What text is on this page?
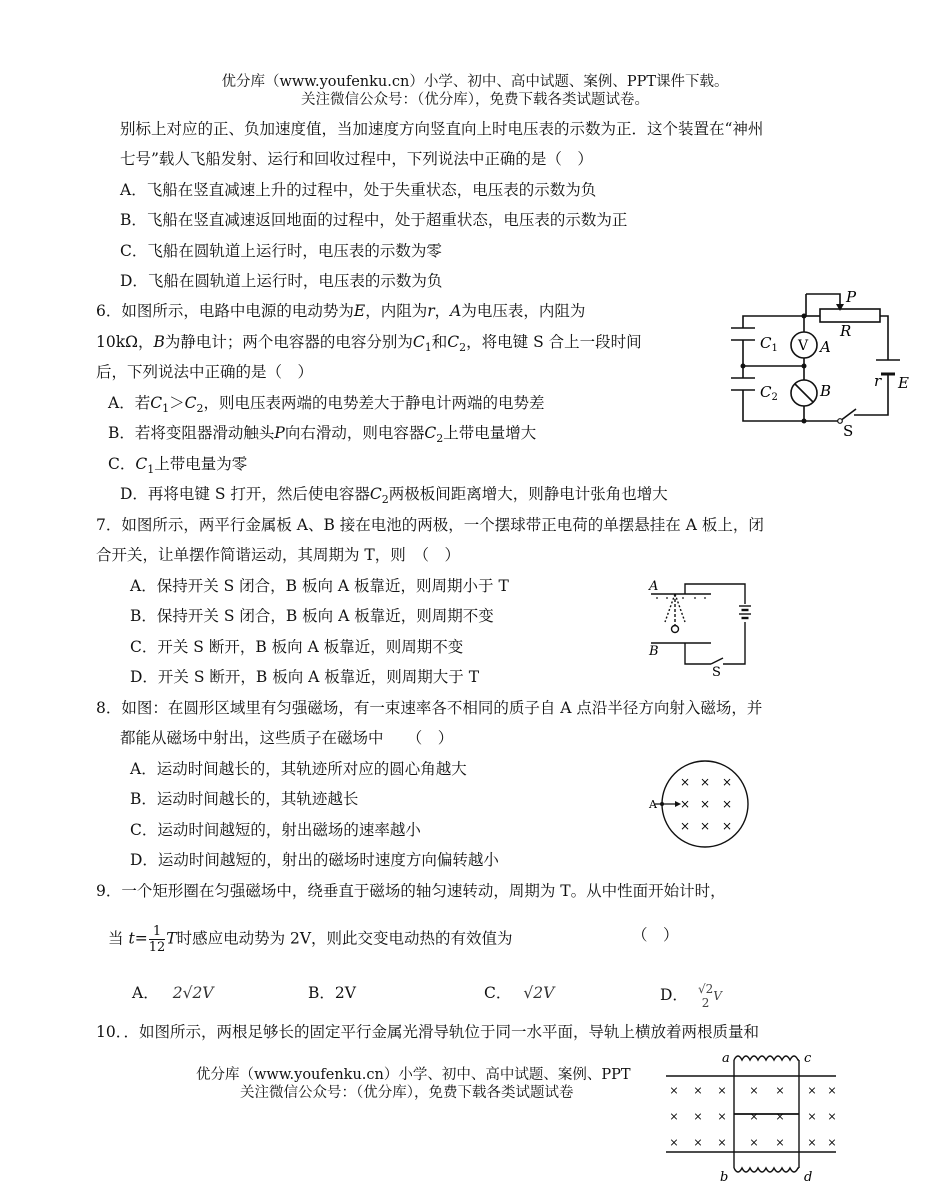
优分库（www.youfenku.cn）小学、初中、高中试题、案例、PPT课件下载。
关注微信公众号：（优分库），免费下载各类试题试卷。
别标上对应的正、负加速度值，当加速度方向竖直向上时电压表的示数为正．这个装置在“神州
七号”载人飞船发射、运行和回收过程中，下列说法中正确的是（　）
A．飞船在竖直减速上升的过程中，处于失重状态，电压表的示数为负
B．飞船在竖直减速返回地面的过程中，处于超重状态，电压表的示数为正
C．飞船在圆轨道上运行时，电压表的示数为零
D．飞船在圆轨道上运行时，电压表的示数为负
6．如图所示，电路中电源的电动势为E，内阻为r，A为电压表，内阻为
10kΩ，B为静电计；两个电容器的电容分别为$C_1$和$C_2$，将电键 S 合上一段时间
后，下列说法中正确的是（　）
A．若$C_1>C_2$，则电压表两端的电势差大于静电计两端的电势差
B．若将变阻器滑动触头P向右滑动，则电容器$C_2$上带电量增大
C．$C_1$上带电量为零
D．再将电键 S 打开，然后使电容器$C_2$两极板间距离增大，则静电计张角也增大
P
R
$C_1$
$C_2$
V A
B
r E
S
7．如图所示，两平行金属板 A、B 接在电池的两极，一个摆球带正电荷的单摆悬挂在 A 板上，闭
合开关，让单摆作简谐运动，其周期为 T，则　（　）
A．保持开关 S 闭合，B 板向 A 板靠近，则周期小于 T
B．保持开关 S 闭合，B 板向 A 板靠近，则周期不变
C．开关 S 断开，B 板向 A 板靠近，则周期不变
D．开关 S 断开，B 板向 A 板靠近，则周期大于 T
A
B
S
8．如图：在圆形区域里有匀强磁场，有一束速率各不相同的质子自 A 点沿半径方向射入磁场，并
都能从磁场中射出，这些质子在磁场中　　（　）
A．运动时间越长的，其轨迹所对应的圆心角越大
B．运动时间越长的，其轨迹越长
C．运动时间越短的，射出磁场的速率越小
D．运动时间越短的，射出的磁场时速度方向偏转越小
A
× × ×
× × ×
× × ×
9．一个矩形圈在匀强磁场中，绕垂直于磁场的轴匀速转动，周期为 T。从中性面开始计时，
当 $t= \frac{1}{12}$ T时感应电动势为 2V，则此交变电动热的有效值为	（　）
A． 2√2V	B．2V	C． √2V	D． √2
2 V
10．．如图所示，两根足够长的固定平行金属光滑导轨位于同一水平面，导轨上横放着两根质量和
优分库（www.youfenku.cn）小学、初中、高中试题、案例、PPT
关注微信公众号：（优分库），免费下载各类试题试卷
a	c
b	d
× × × × × × ×
× × × × × × ×
× × × × × × ×
